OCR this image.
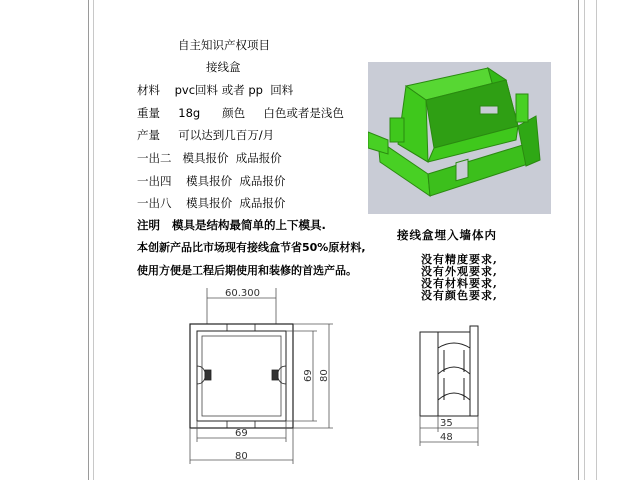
自主知识产权项目
接线盒
材料    pvc回料 或者 pp  回料
重量     18g      颜色     白色或者是浅色
产量     可以达到几百万/月
一出二   模具报价  成品报价
一出四    模具报价  成品报价
一出八    模具报价  成品报价
注明   模具是结构最简单的上下模具.
本创新产品比市场现有接线盒节省50%原材料,
使用方便是工程后期使用和装修的首选产品。
接线盒埋入墙体内
没有精度要求,
没有外观要求,
没有材料要求,
没有颜色要求,
60.300
69
80
69 80
35
48
